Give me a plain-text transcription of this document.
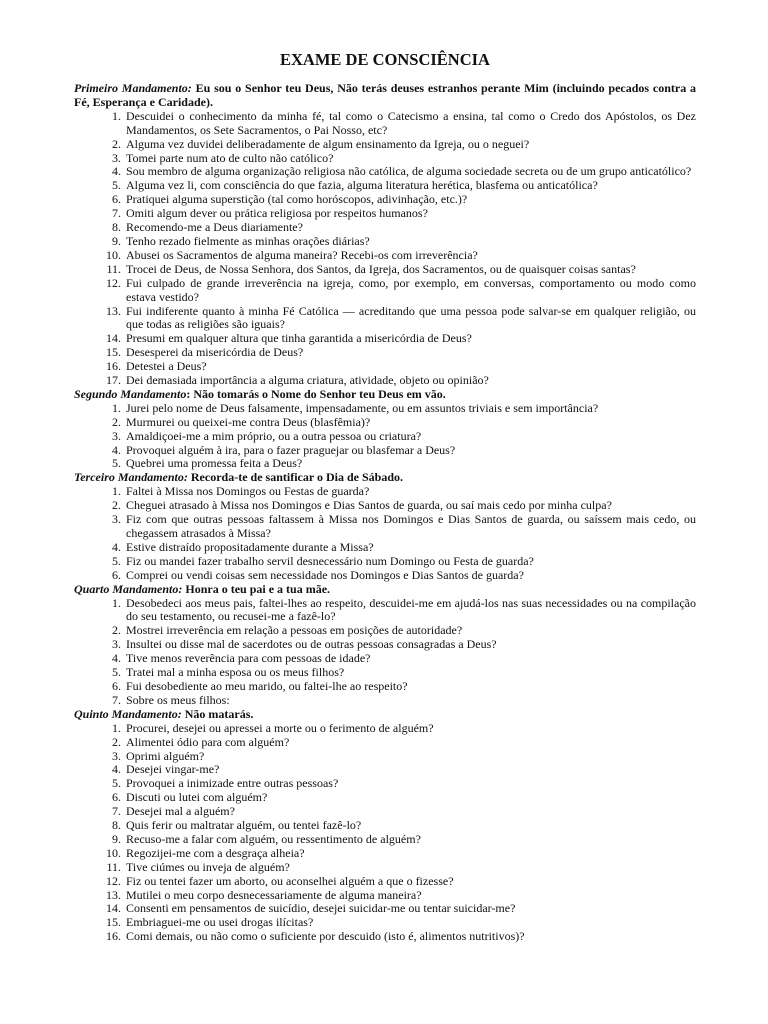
EXAME DE CONSCIÊNCIA
Primeiro Mandamento: Eu sou o Senhor teu Deus, Não terás deuses estranhos perante Mim (incluindo pecados contra a Fé, Esperança e Caridade).
1. Descuidei o conhecimento da minha fé, tal como o Catecismo a ensina, tal como o Credo dos Apóstolos, os Dez Mandamentos, os Sete Sacramentos, o Pai Nosso, etc?
2. Alguma vez duvidei deliberadamente de algum ensinamento da Igreja, ou o neguei?
3. Tomei parte num ato de culto não católico?
4. Sou membro de alguma organização religiosa não católica, de alguma sociedade secreta ou de um grupo anticatólico?
5. Alguma vez li, com consciência do que fazia, alguma literatura herética, blasfema ou anticatólica?
6. Pratiquei alguma superstição (tal como horóscopos, adivinhação, etc.)?
7. Omiti algum dever ou prática religiosa por respeitos humanos?
8. Recomendo-me a Deus diariamente?
9. Tenho rezado fielmente as minhas orações diárias?
10. Abusei os Sacramentos de alguma maneira? Recebi-os com irreverência?
11. Trocei de Deus, de Nossa Senhora, dos Santos, da Igreja, dos Sacramentos, ou de quaisquer coisas santas?
12. Fui culpado de grande irreverência na igreja, como, por exemplo, em conversas, comportamento ou modo como estava vestido?
13. Fui indiferente quanto à minha Fé Católica — acreditando que uma pessoa pode salvar-se em qualquer religião, ou que todas as religiões são iguais?
14. Presumi em qualquer altura que tinha garantida a misericórdia de Deus?
15. Desesperei da misericórdia de Deus?
16. Detestei a Deus?
17. Dei demasiada importância a alguma criatura, atividade, objeto ou opinião?
Segundo Mandamento: Não tomarás o Nome do Senhor teu Deus em vão.
1. Jurei pelo nome de Deus falsamente, impensadamente, ou em assuntos triviais e sem importância?
2. Murmurei ou queixei-me contra Deus (blasfêmia)?
3. Amaldiçoei-me a mim próprio, ou a outra pessoa ou criatura?
4. Provoquei alguém à ira, para o fazer praguejar ou blasfemar a Deus?
5. Quebrei uma promessa feita a Deus?
Terceiro Mandamento: Recorda-te de santificar o Dia de Sábado.
1. Faltei à Missa nos Domingos ou Festas de guarda?
2. Cheguei atrasado à Missa nos Domingos e Dias Santos de guarda, ou saí mais cedo por minha culpa?
3. Fiz com que outras pessoas faltassem à Missa nos Domingos e Dias Santos de guarda, ou saíssem mais cedo, ou chegassem atrasados à Missa?
4. Estive distraído propositadamente durante a Missa?
5. Fiz ou mandei fazer trabalho servil desnecessário num Domingo ou Festa de guarda?
6. Comprei ou vendi coisas sem necessidade nos Domingos e Dias Santos de guarda?
Quarto Mandamento: Honra o teu pai e a tua mãe.
1. Desobedeci aos meus pais, faltei-lhes ao respeito, descuidei-me em ajudá-los nas suas necessidades ou na compilação do seu testamento, ou recusei-me a fazê-lo?
2. Mostrei irreverência em relação a pessoas em posições de autoridade?
3. Insultei ou disse mal de sacerdotes ou de outras pessoas consagradas a Deus?
4. Tive menos reverência para com pessoas de idade?
5. Tratei mal a minha esposa ou os meus filhos?
6. Fui desobediente ao meu marido, ou faltei-lhe ao respeito?
7. Sobre os meus filhos:
Quinto Mandamento: Não matarás.
1. Procurei, desejei ou apressei a morte ou o ferimento de alguém?
2. Alimentei ódio para com alguém?
3. Oprimi alguém?
4. Desejei vingar-me?
5. Provoquei a inimizade entre outras pessoas?
6. Discuti ou lutei com alguém?
7. Desejei mal a alguém?
8. Quis ferir ou maltratar alguém, ou tentei fazê-lo?
9. Recuso-me a falar com alguém, ou ressentimento de alguém?
10. Regozijei-me com a desgraça alheia?
11. Tive ciúmes ou inveja de alguém?
12. Fiz ou tentei fazer um aborto, ou aconselhei alguém a que o fizesse?
13. Mutilei o meu corpo desnecessariamente de alguma maneira?
14. Consenti em pensamentos de suicídio, desejei suicidar-me ou tentar suicidar-me?
15. Embriaguei-me ou usei drogas ilícitas?
16. Comi demais, ou não como o suficiente por descuido (isto é, alimentos nutritivos)?
